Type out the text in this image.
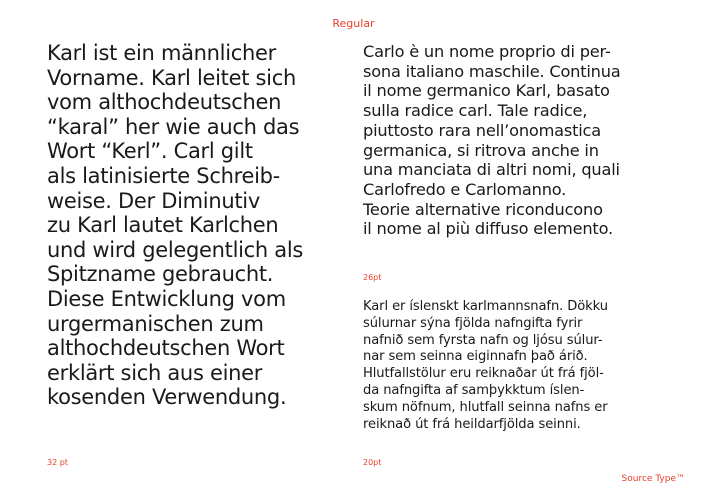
Regular
Karl ist ein männlicher
Vorname. Karl leitet sich
vom althochdeutschen
“karal” her wie auch das
Wort “Kerl”. Carl gilt
als latinisierte Schreib-
weise. Der Diminutiv
zu Karl lautet Karlchen
und wird gelegentlich als
Spitzname gebraucht.
Diese Entwicklung vom
urgermanischen zum
althochdeutschen Wort
erklärt sich aus einer
kosenden Verwendung.
32 pt
Carlo è un nome proprio di per-
sona italiano maschile. Continua
il nome germanico Karl, basato
sulla radice carl. Tale radice,
piuttosto rara nell’onomastica
germanica, si ritrova anche in
una manciata di altri nomi, quali
Carlofredo e Carlomanno.
Teorie alternative riconducono
il nome al più diffuso elemento.
26pt
Karl er íslenskt karlmannsnafn. Dökku
súlurnar sýna fjölda nafngifta fyrir
nafnið sem fyrsta nafn og ljósu súlur-
nar sem seinna eiginnafn það árið.
Hlutfallstölur eru reiknaðar út frá fjöl-
da nafngifta af samþykktum íslen-
skum nöfnum, hlutfall seinna nafns er
reiknað út frá heildarfjölda seinni.
20pt
Source Type™
